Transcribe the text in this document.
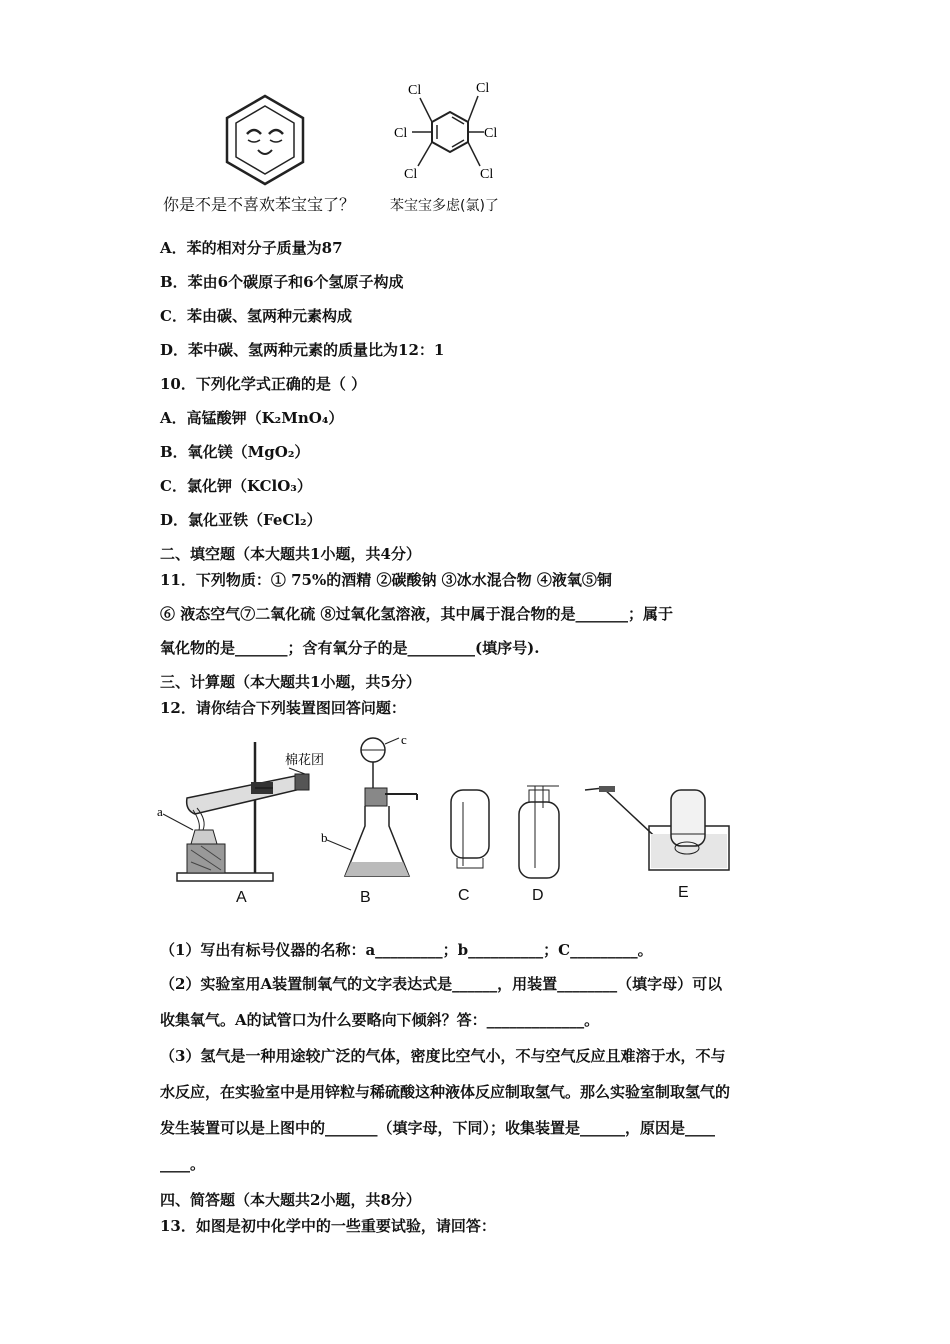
Cl	Cl
Cl	Cl
Cl	Cl
你是不是不喜欢苯宝宝了？ 苯宝宝多虑(氯)了
A．苯的相对分子质量为87
B．苯由6个碳原子和6个氢原子构成
C．苯由碳、氢两种元素构成
D．苯中碳、氢两种元素的质量比为12：1
10．下列化学式正确的是（ ）
A．高锰酸钾（K₂MnO₄）
B．氧化镁（MgO₂）
C．氯化钾（KClO₃）
D．氯化亚铁（FeCl₂）
二、填空题（本大题共1小题，共4分）
11．下列物质：① 75%的酒精 ②碳酸钠 ③冰水混合物 ④液氧⑤铜
⑥ 液态空气⑦二氧化硫 ⑧过氧化氢溶液，其中属于混合物的是_______；属于
氧化物的是_______；含有氧分子的是_________(填序号).
三、计算题（本大题共1小题，共5分）
12．请你结合下列装置图回答问题：
a
b
c
棉花团
A	B	C	D	E
（1）写出有标号仪器的名称：a_________；b__________；C_________。
（2）实验室用A装置制氧气的文字表达式是______，用装置________（填字母）可以
收集氧气。A的试管口为什么要略向下倾斜？答：_____________。
（3）氢气是一种用途较广泛的气体，密度比空气小，不与空气反应且难溶于水，不与
水反应，在实验室中是用锌粒与稀硫酸这种液体反应制取氢气。那么实验室制取氢气的
发生装置可以是上图中的_______（填字母，下同）；收集装置是______，原因是____
____。
四、简答题（本大题共2小题，共8分）
13．如图是初中化学中的一些重要试验，请回答：
